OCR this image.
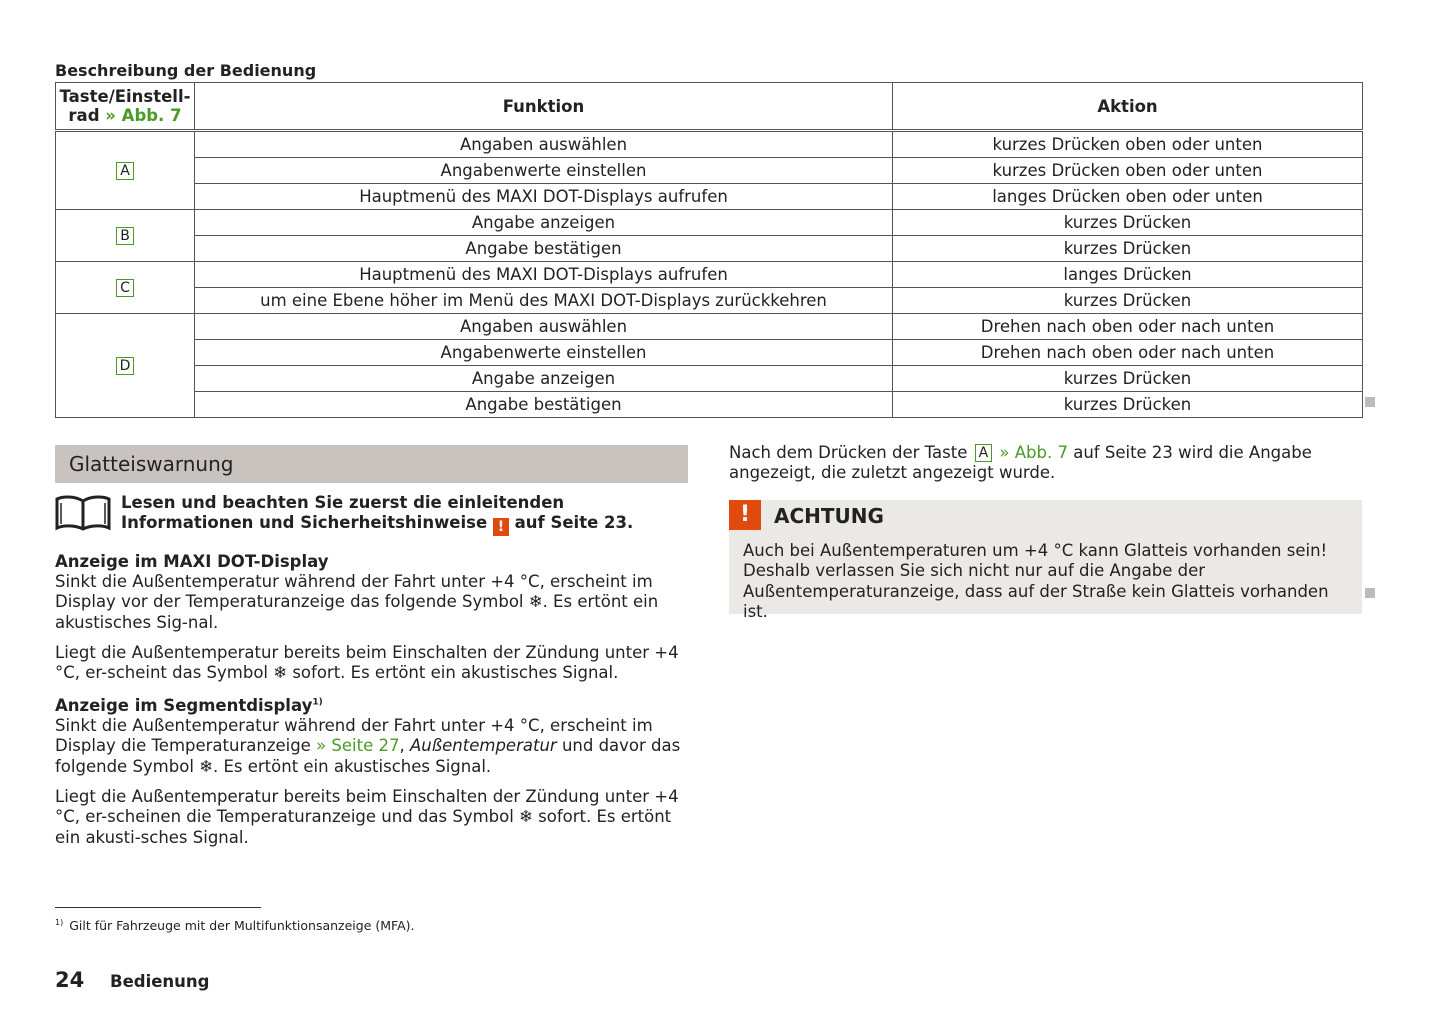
Beschreibung der Bedienung
Taste/Einstell-
rad » Abb. 7	Funktion	Aktion
A	Angaben auswählen	kurzes Drücken oben oder unten
	Angabenwerte einstellen	kurzes Drücken oben oder unten
	Hauptmenü des MAXI DOT-Displays aufrufen	langes Drücken oben oder unten
B	Angabe anzeigen	kurzes Drücken
	Angabe bestätigen	kurzes Drücken
C	Hauptmenü des MAXI DOT-Displays aufrufen	langes Drücken
	um eine Ebene höher im Menü des MAXI DOT-Displays zurückkehren	kurzes Drücken
D	Angaben auswählen	Drehen nach oben oder nach unten
	Angabenwerte einstellen	Drehen nach oben oder nach unten
	Angabe anzeigen	kurzes Drücken
	Angabe bestätigen	kurzes Drücken
Glatteiswarnung
Lesen und beachten Sie zuerst die einleitenden Informationen und Sicherheitshinweise ! auf Seite 23.
Anzeige im MAXI DOT-Display
Sinkt die Außentemperatur während der Fahrt unter +4 °C, erscheint im Display vor der Temperaturanzeige das folgende Symbol ❄. Es ertönt ein akustisches Sig-nal.
Liegt die Außentemperatur bereits beim Einschalten der Zündung unter +4 °C, er-scheint das Symbol ❄ sofort. Es ertönt ein akustisches Signal.
Anzeige im Segmentdisplay$^{1)}$
Sinkt die Außentemperatur während der Fahrt unter +4 °C, erscheint im Display die Temperaturanzeige » Seite 27, Außentemperatur und davor das folgende Symbol ❄. Es ertönt ein akustisches Signal.
Liegt die Außentemperatur bereits beim Einschalten der Zündung unter +4 °C, er-scheinen die Temperaturanzeige und das Symbol ❄ sofort. Es ertönt ein akusti-sches Signal.
Nach dem Drücken der Taste A » Abb. 7 auf Seite 23 wird die Angabe angezeigt, die zuletzt angezeigt wurde.
!	ACHTUNG
Auch bei Außentemperaturen um +4 °C kann Glatteis vorhanden sein! Deshalb verlassen Sie sich nicht nur auf die Angabe der Außentemperaturanzeige, dass auf der Straße kein Glatteis vorhanden ist.
$^{1)}$ Gilt für Fahrzeuge mit der Multifunktionsanzeige (MFA).
24 Bedienung
